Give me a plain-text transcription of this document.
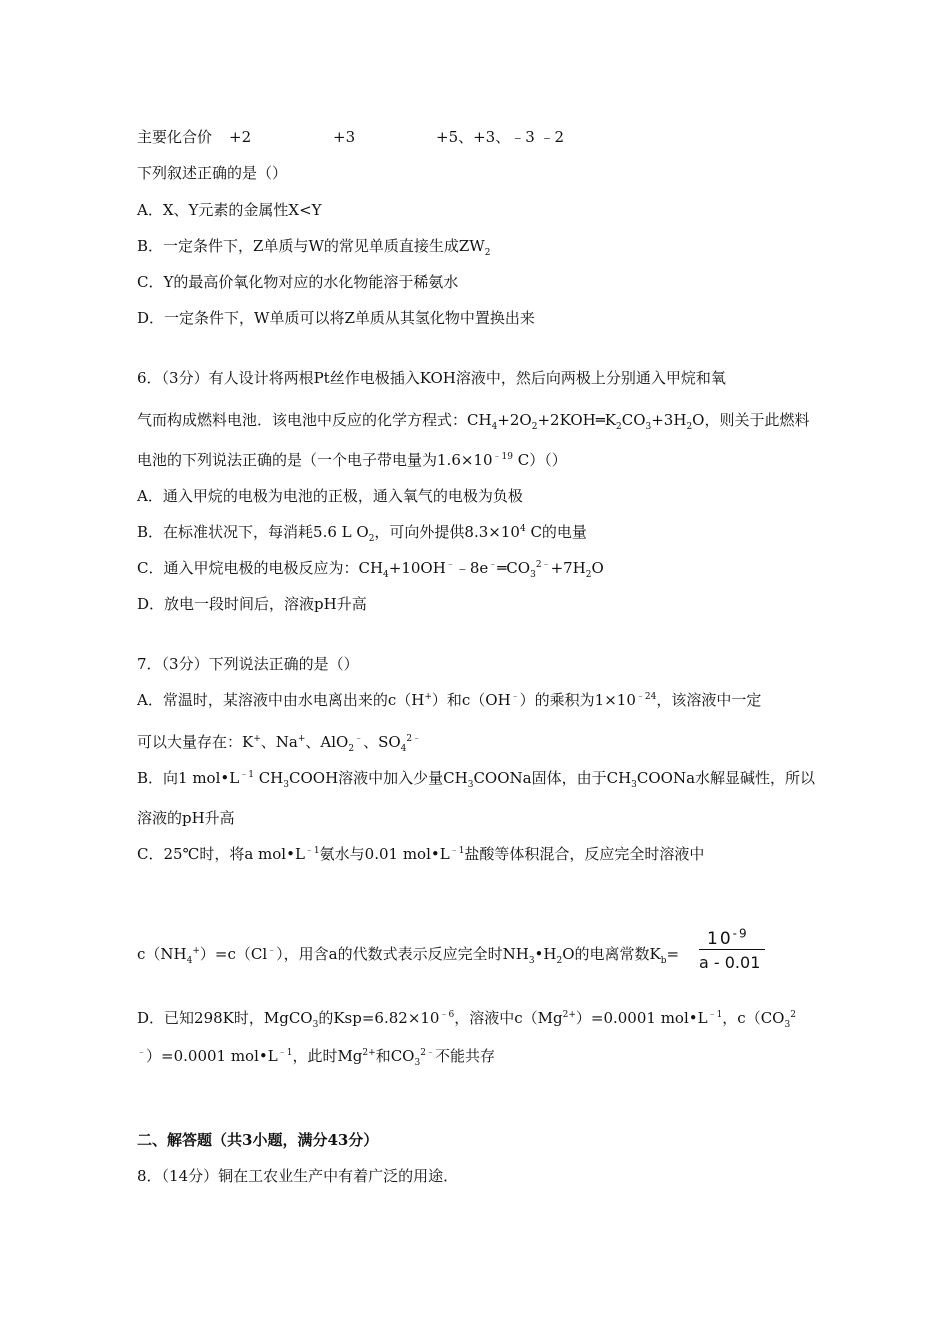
主要化合价 +2	+3	+5、+3、﹣3 ﹣2
下列叙述正确的是（）
A．X、Y元素的金属性X<Y
B．一定条件下，Z单质与W的常见单质直接生成$ZW_2$
C．Y的最高价氧化物对应的水化物能溶于稀氨水
D．一定条件下，W单质可以将Z单质从其氢化物中置换出来
6．（3分）有人设计将两根Pt丝作电极插入KOH溶液中，然后向两极上分别通入甲烷和氧
气而构成燃料电池．该电池中反应的化学方程式：$CH_4+2O_2+2KOH═K_2CO_3+3H_2O$，则关于此燃料
电池的下列说法正确的是（一个电子带电量为$1.6\times 10^{﹣19}$ C）（）
A．通入甲烷的电极为电池的正极，通入氧气的电极为负极
B．在标准状况下，每消耗5.6 L $O_2$，可向外提供$8.3\times 10^4$ C的电量
C．通入甲烷电极的电极反应为：$CH_4+10OH^﹣﹣8e^﹣═CO_3^{2﹣}+7H_2O$
D．放电一段时间后，溶液pH升高
7．（3分）下列说法正确的是（）
A．常温时，某溶液中由水电离出来的c（H+）和c（OH﹣）的乘积为$1\times 10^{﹣24}$，该溶液中一定
可以大量存在：K+、Na+、AlO$_2$﹣、$SO_4^{2﹣}$
B．向1 $mol•L^{﹣1}$ $CH_3COOH$溶液中加入少量$CH_3COONa$固体，由于$CH_3COONa$水解显碱性，所以
溶液的pH升高
C．25℃时，将a $mol•L^{﹣1}$氨水与0.01 $mol•L^{﹣1}$盐酸等体积混合，反应完全时溶液中
$c(NH_4^+)=c(Cl^﹣)$，用含a的代数式表示反应完全时$NH_3•H_2O$的电离常数$K_b=$
$10^{-9}$
a - 0.01
D．已知298K时，MgCO$_3$的$Ksp=6.82\times 10^{﹣6}$，溶液中$c(Mg^{2+})=0.0001$ $mol•L^{﹣1}$，$c(CO_3^2$
﹣）=0.0001 $mol•L^{﹣1}$，此时$Mg^{2+}$和$CO_3^{2﹣}$不能共存
二、解答题（共3小题，满分43分）
8．（14分）铜在工农业生产中有着广泛的用途．
